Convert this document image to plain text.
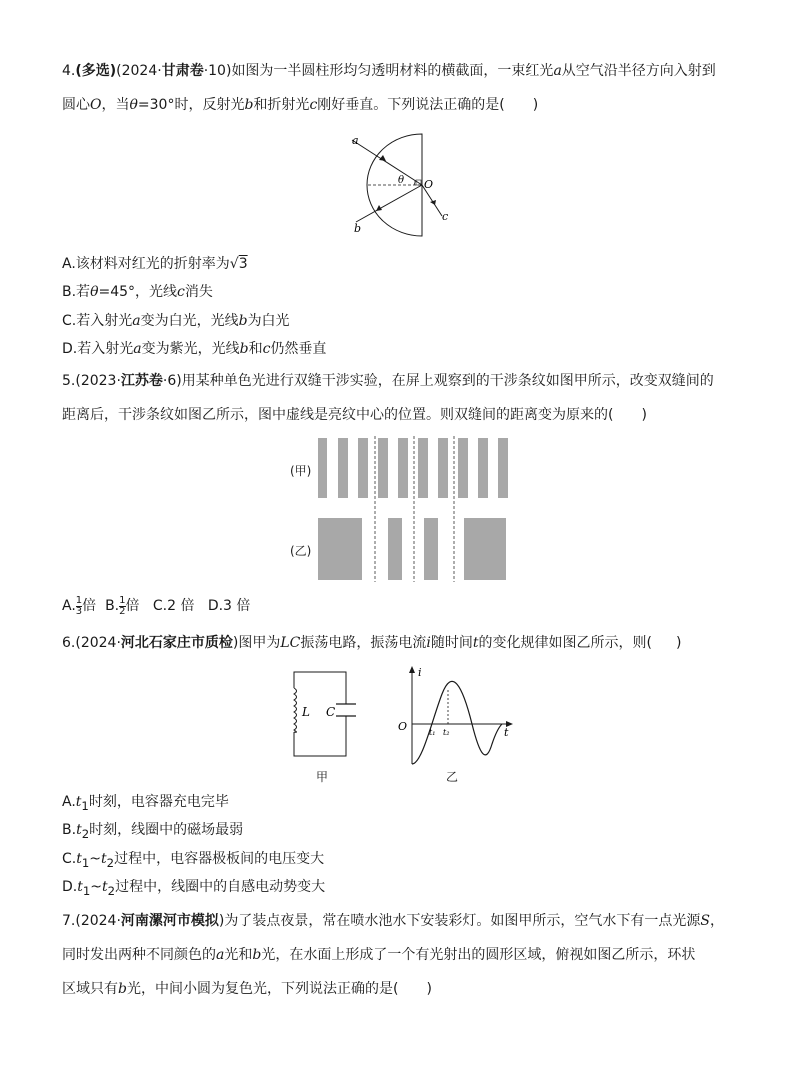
4.(多选)(2024·甘肃卷·10)如图为一半圆柱形均匀透明材料的横截面，一束红光a从空气沿半径方向入射到
圆心O，当θ=30°时，反射光b和折射光c刚好垂直。下列说法正确的是( )

a
b
c
O
θ

A.该材料对红光的折射率为√3

B.若θ=45°，光线c消失

C.若入射光a变为白光，光线b为白光

D.若入射光a变为紫光，光线b和c仍然垂直

5.(2023·江苏卷·6)用某种单色光进行双缝干涉实验，在屏上观察到的干涉条纹如图甲所示，改变双缝间的
距离后，干涉条纹如图乙所示，图中虚线是亮纹中心的位置。则双缝间的距离变为原来的( )

(甲)
(乙)

A. $\frac{1}{3}$ 倍 B. $\frac{1}{2}$ 倍 C.2 倍 D.3 倍

6.(2024·河北石家庄市质检)图甲为LC振荡电路，振荡电流i随时间t的变化规律如图乙所示，则( )

L C
甲
i
O	t
t₁ t₂
乙

$A.t_1$时刻，电容器充电完毕

$B.t_2$时刻，线圈中的磁场最弱

$C.t_1\sim t_2$过程中，电容器极板间的电压变大

$D.t_1\sim t_2$过程中，线圈中的自感电动势变大

7.(2024·河南漯河市模拟)为了装点夜景，常在喷水池水下安装彩灯。如图甲所示，空气水下有一点光源S，
同时发出两种不同颜色的a光和b光，在水面上形成了一个有光射出的圆形区域，俯视如图乙所示，环状
区域只有b光，中间小圆为复色光，下列说法正确的是( )
